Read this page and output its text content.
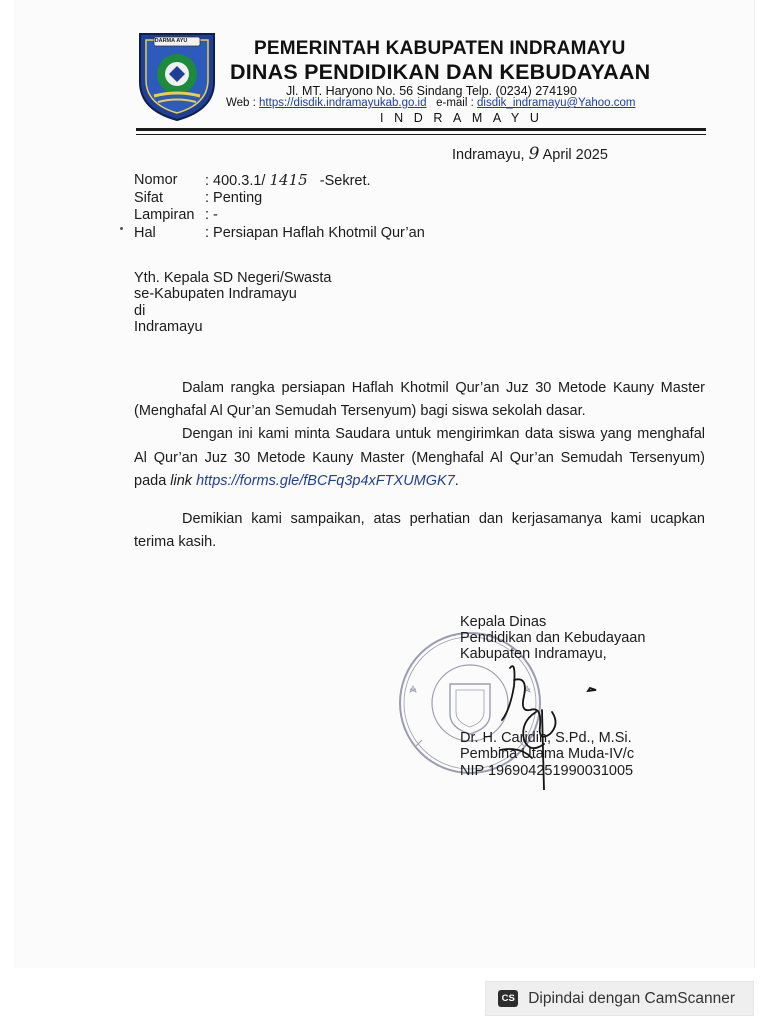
DARMA AYU	PEMERINTAH KABUPATEN INDRAMAYU
DINAS PENDIDIKAN DAN KEBUDAYAAN
Jl. MT. Haryono No. 56 Sindang Telp. (0234) 274190
Web : https://disdik.indramayukab.go.id e-mail : disdik_indramayu@Yahoo.com
INDRAMAYU
Indramayu, 9 April 2025
Nomor	: 400.3.1/ 1415 -Sekret.
Sifat	: Penting
Lampiran : -
Hal	: Persiapan Haflah Khotmil Qur’an
Yth. Kepala SD Negeri/Swasta
se-Kabupaten Indramayu
di
Indramayu

Dalam rangka persiapan Haflah Khotmil Qur’an Juz 30 Metode Kauny Master (Menghafal Al Qur’an Semudah Tersenyum) bagi siswa sekolah dasar.

Dengan ini kami minta Saudara untuk mengirimkan data siswa yang menghafal Al Qur’an Juz 30 Metode Kauny Master (Menghafal Al Qur’an Semudah Tersenyum) pada link https://forms.gle/fBCFq3p4xFTXUMGK7.

Demikian kami sampaikan, atas perhatian dan kerjasamanya kami ucapkan terima kasih.

Kepala Dinas
Pendidikan dan Kebudayaan
Kabupaten Indramayu,
Dr. H. Caridin, S.Pd., M.Si.
Pembina Utama Muda-IV/c
NIP 196904251990031005
CS Dipindai dengan CamScanner
